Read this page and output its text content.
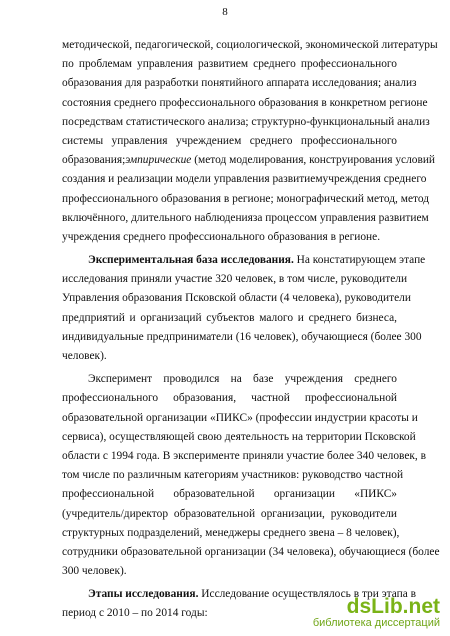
8
методической, педагогической, социологической, экономической литературы
по проблемам управления развитием среднего профессионального
образования для разработки понятийного аппарата исследования; анализ
состояния среднего профессионального образования в конкретном регионе
посредствам статистического анализа; структурно-функциональный анализ
системы управления учреждением среднего профессионального
образования;эмпирические (метод моделирования, конструирования условий
создания и реализации модели управления развитиемучреждения среднего
профессионального образования в регионе; монографический метод, метод
включённого, длительного наблюденияза процессом управления развитием
учреждения среднего профессионального образования в регионе.
Экспериментальная база исследования. На констатирующем этапе
исследования приняли участие 320 человек, в том числе, руководители
Управления образования Псковской области (4 человека), руководители
предприятий и организаций субъектов малого и среднего бизнеса,
индивидуальные предприниматели (16 человек), обучающиеся (более 300
человек).
Эксперимент проводился на базе учреждения среднего
профессионального образования, частной профессиональной
образовательной организации «ПИКС» (профессии индустрии красоты и
сервиса), осуществляющей свою деятельность на территории Псковской
области с 1994 года. В эксперименте приняли участие более 340 человек, в
том числе по различным категориям участников: руководство частной
профессиональной образовательной организации «ПИКС»
(учредитель/директор образовательной организации, руководители
структурных подразделений, менеджеры среднего звена – 8 человек),
сотрудники образовательной организации (34 человека), обучающиеся (более
300 человек).
Этапы исследования. Исследование осуществлялось в три этапа в
период с 2010 – по 2014 годы:	dsLib.net
библиотека диссертаций
